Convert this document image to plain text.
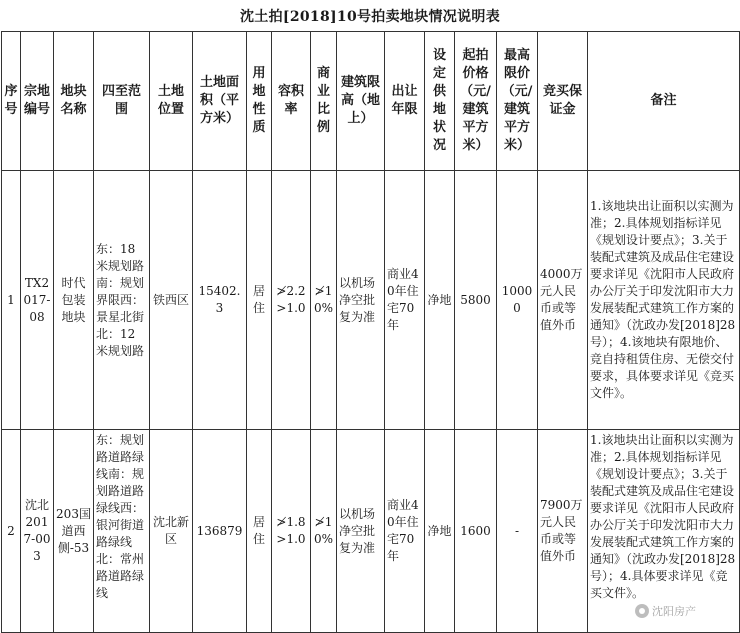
沈土拍[2018]10号拍卖地块情况说明表
序号	宗地编号	地块名称	四至范围	土地位置	土地面积（平方米）	用地性质	容积率	商业比例	建筑限高（地上）	出让年限	设定供地状况	起拍价格（元/建筑平方米）	最高限价（元/建筑平方米）	竞买保证金	备注
1	TX2017-08	时代包装地块	东：18米规划路南：规划界限西：景星北街北：12米规划路	铁西区	15402.3	居住	≯2.2 >1.0	≯10%	以机场净空批复为准	商业40年住宅70年	净地	5800	10000	4000万元人民币或等值外币	1.该地块出让面积以实测为准；2.具体规划指标详见《规划设计要点》；3.关于装配式建筑及成品住宅建设要求详见《沈阳市人民政府办公厅关于印发沈阳市大力发展装配式建筑工作方案的通知》（沈政办发[2018]28号）；4.该地块有限地价、竞自持租赁住房、无偿交付要求，具体要求详见《竞买文件》。
2	沈北2017-003	203国道西侧-53	东：规划路道路绿线南：规划路道路绿线西：银河街道路绿线北：常州路道路绿线	沈北新区	136879	居住	≯1.8 >1.0	≯10%	以机场净空批复为准	商业40年住宅70年	净地	1600	-	7900万元人民币或等值外币	1.该地块出让面积以实测为准；2.具体规划指标详见《规划设计要点》；3.关于装配式建筑及成品住宅建设要求详见《沈阳市人民政府办公厅关于印发沈阳市大力发展装配式建筑工作方案的通知》（沈政办发[2018]28号）；4.具体要求详见《竞买文件》。
沈阳房产
